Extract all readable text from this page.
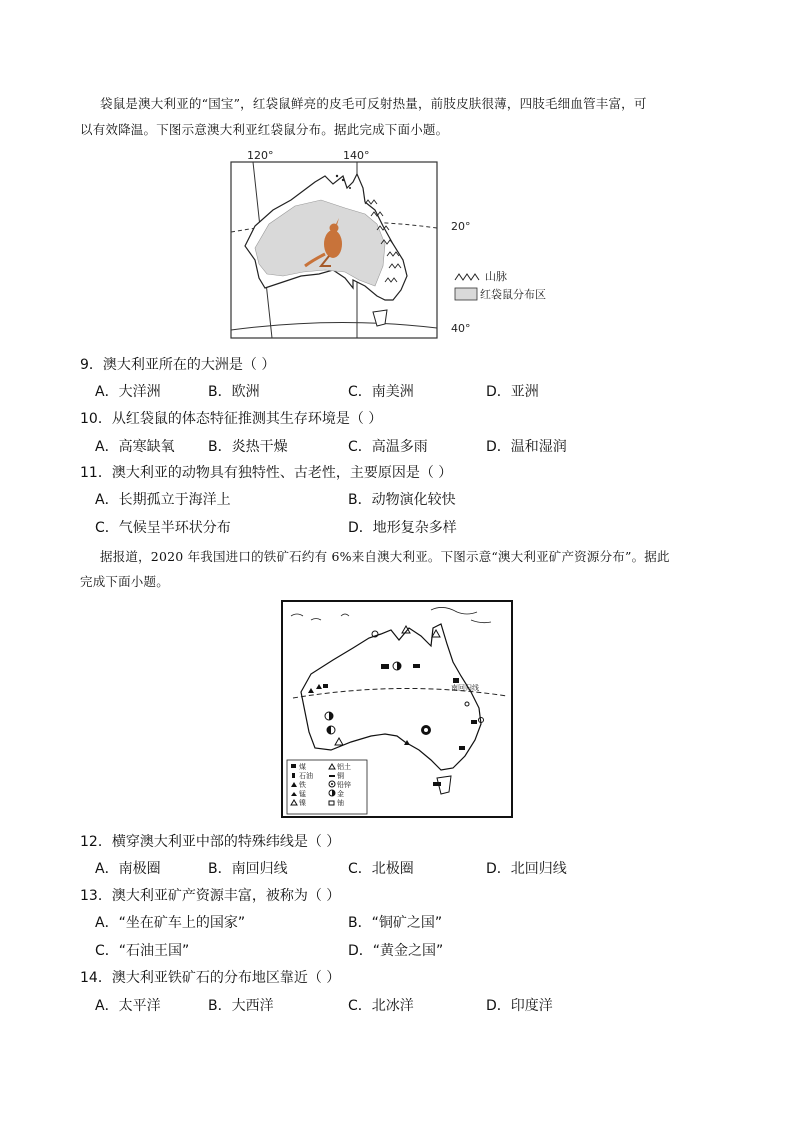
袋鼠是澳大利亚的“国宝”，红袋鼠鲜亮的皮毛可反射热量，前肢皮肤很薄，四肢毛细血管丰富，可
以有效降温。下图示意澳大利亚红袋鼠分布。据此完成下面小题。
120°	140°
20°
40°
山脉
红袋鼠分布区
9．澳大利亚所在的大洲是（ ）
A．大洋洲	B．欧洲	C．南美洲	D．亚洲
10．从红袋鼠的体态特征推测其生存环境是（ ）
A．高寒缺氧 B．炎热干燥	C．高温多雨	D．温和湿润
11．澳大利亚的动物具有独特性、古老性，主要原因是（ ）
A．长期孤立于海洋上	B．动物演化较快
C．气候呈半环状分布	D．地形复杂多样
据报道，2020 年我国进口的铁矿石约有 6%来自澳大利亚。下图示意“澳大利亚矿产资源分布”。据此
完成下面小题。
南回归线
煤	铝土
石油	铜
铁	铅锌
锰	金
镍	铀
12．横穿澳大利亚中部的特殊纬线是（ ）
A．南极圈	B．南回归线	C．北极圈	D．北回归线
13．澳大利亚矿产资源丰富，被称为（ ）
A．“坐在矿车上的国家”	B．“铜矿之国”
C．“石油王国”	D．“黄金之国”
14．澳大利亚铁矿石的分布地区靠近（ ）
A．太平洋	B．大西洋	C．北冰洋	D．印度洋
